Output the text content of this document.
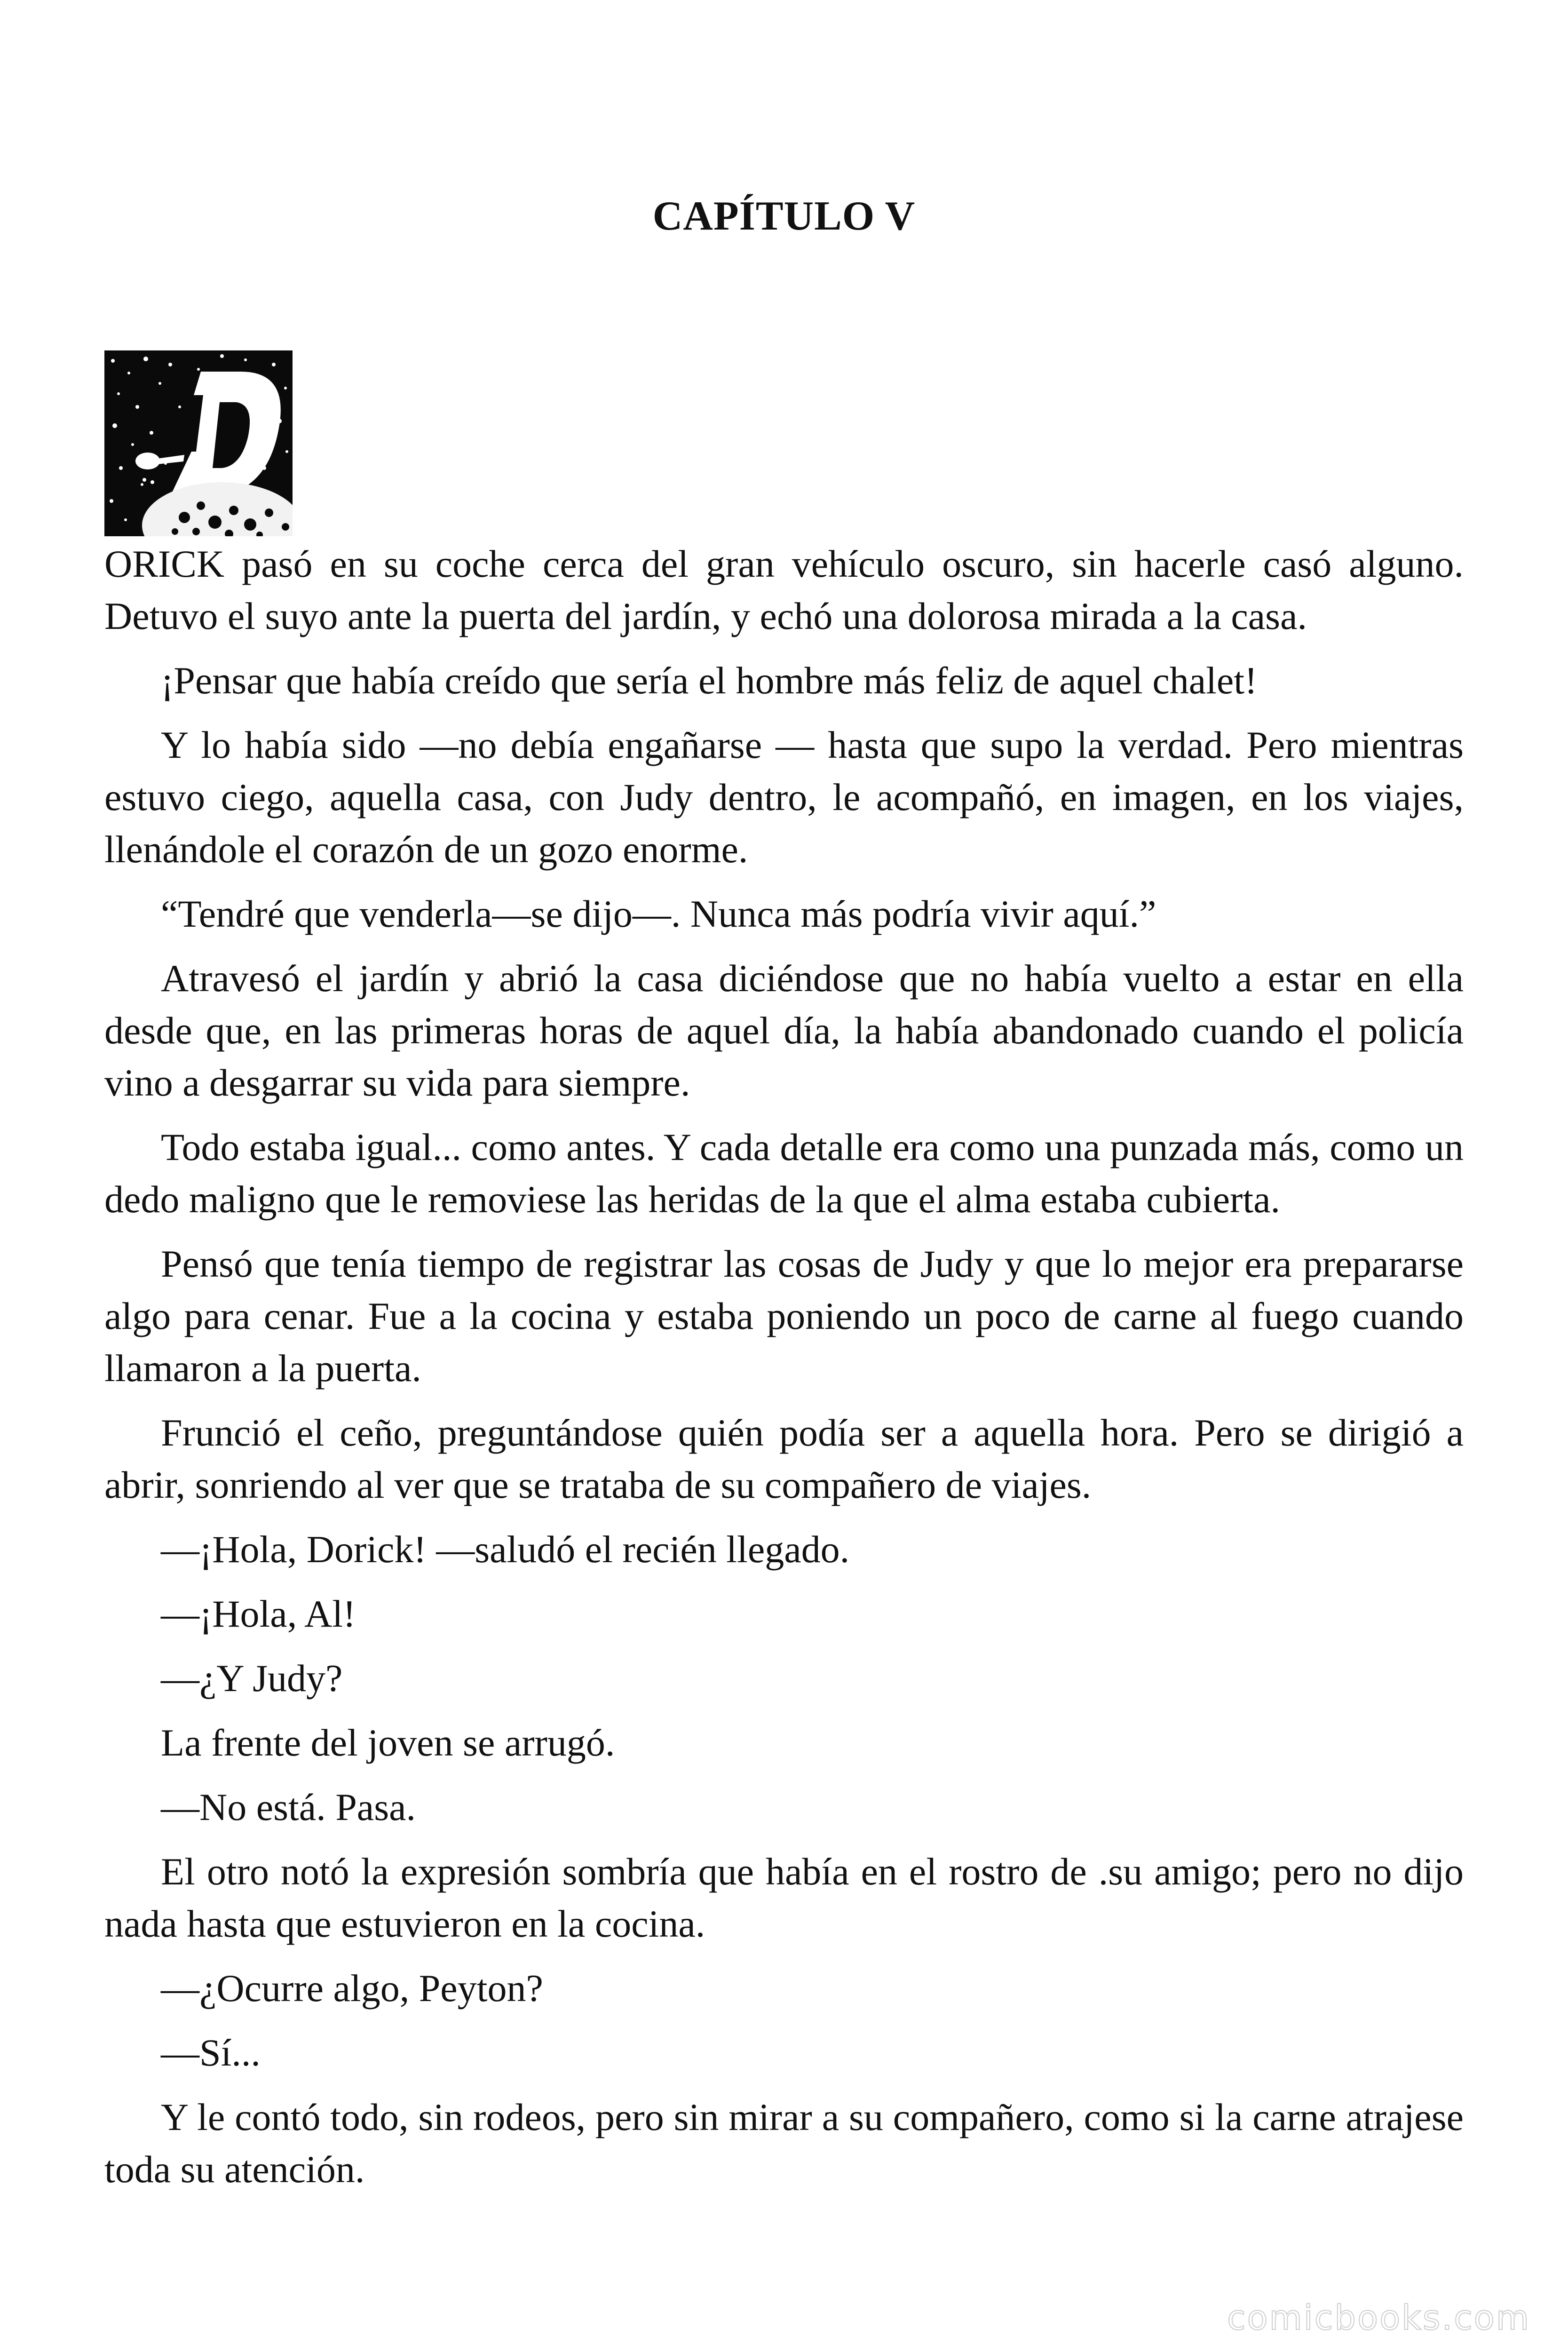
CAPÍTULO V

ORICK pasó en su coche cerca del gran vehículo oscuro, sin hacerle casó alguno. Detuvo el suyo ante la puerta del jardín, y echó una dolorosa mirada a la casa.

¡Pensar que había creído que sería el hombre más feliz de aquel chalet!

Y lo había sido —no debía engañarse — hasta que supo la verdad. Pero mientras estuvo ciego, aquella casa, con Judy dentro, le acompañó, en imagen, en los viajes, llenándole el corazón de un gozo enorme.

“Tendré que venderla—se dijo—. Nunca más podría vivir aquí.”

Atravesó el jardín y abrió la casa diciéndose que no había vuelto a estar en ella desde que, en las primeras horas de aquel día, la había abandonado cuando el policía vino a desgarrar su vida para siempre.

Todo estaba igual... como antes. Y cada detalle era como una punzada más, como un dedo maligno que le removiese las heridas de la que el alma estaba cubierta.

Pensó que tenía tiempo de registrar las cosas de Judy y que lo mejor era prepararse algo para cenar. Fue a la cocina y estaba poniendo un poco de carne al fuego cuando llamaron a la puerta.

Frunció el ceño, preguntándose quién podía ser a aquella hora. Pero se dirigió a abrir, sonriendo al ver que se trataba de su compañero de viajes.

—¡Hola, Dorick! —saludó el recién llegado.

—¡Hola, Al!

—¿Y Judy?

La frente del joven se arrugó.

—No está. Pasa.

El otro notó la expresión sombría que había en el rostro de .su amigo; pero no dijo nada hasta que estuvieron en la cocina.

—¿Ocurre algo, Peyton?

—Sí...

Y le contó todo, sin rodeos, pero sin mirar a su compañero, como si la carne atrajese toda su atención.

comicbooks.com
